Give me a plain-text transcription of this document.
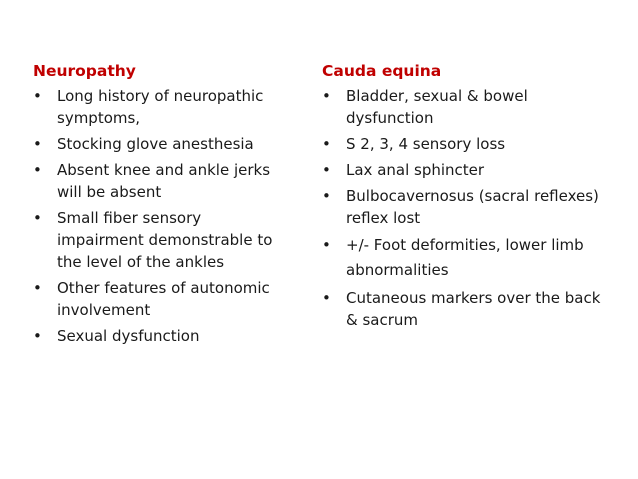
Neuropathy
•	Long history of neuropathic symptoms,
•	Stocking glove anesthesia
•	Absent knee and ankle jerks will be absent
•	Small fiber sensory impairment demonstrable to the level of the ankles
•	Other features of autonomic involvement
•	Sexual dysfunction
Cauda equina
•	Bladder, sexual & bowel dysfunction
•	S 2, 3, 4 sensory loss
•	Lax anal sphincter
•	Bulbocavernosus (sacral reflexes) reflex lost
•	+/- Foot deformities, lower limb abnormalities
•	Cutaneous markers over the back & sacrum
